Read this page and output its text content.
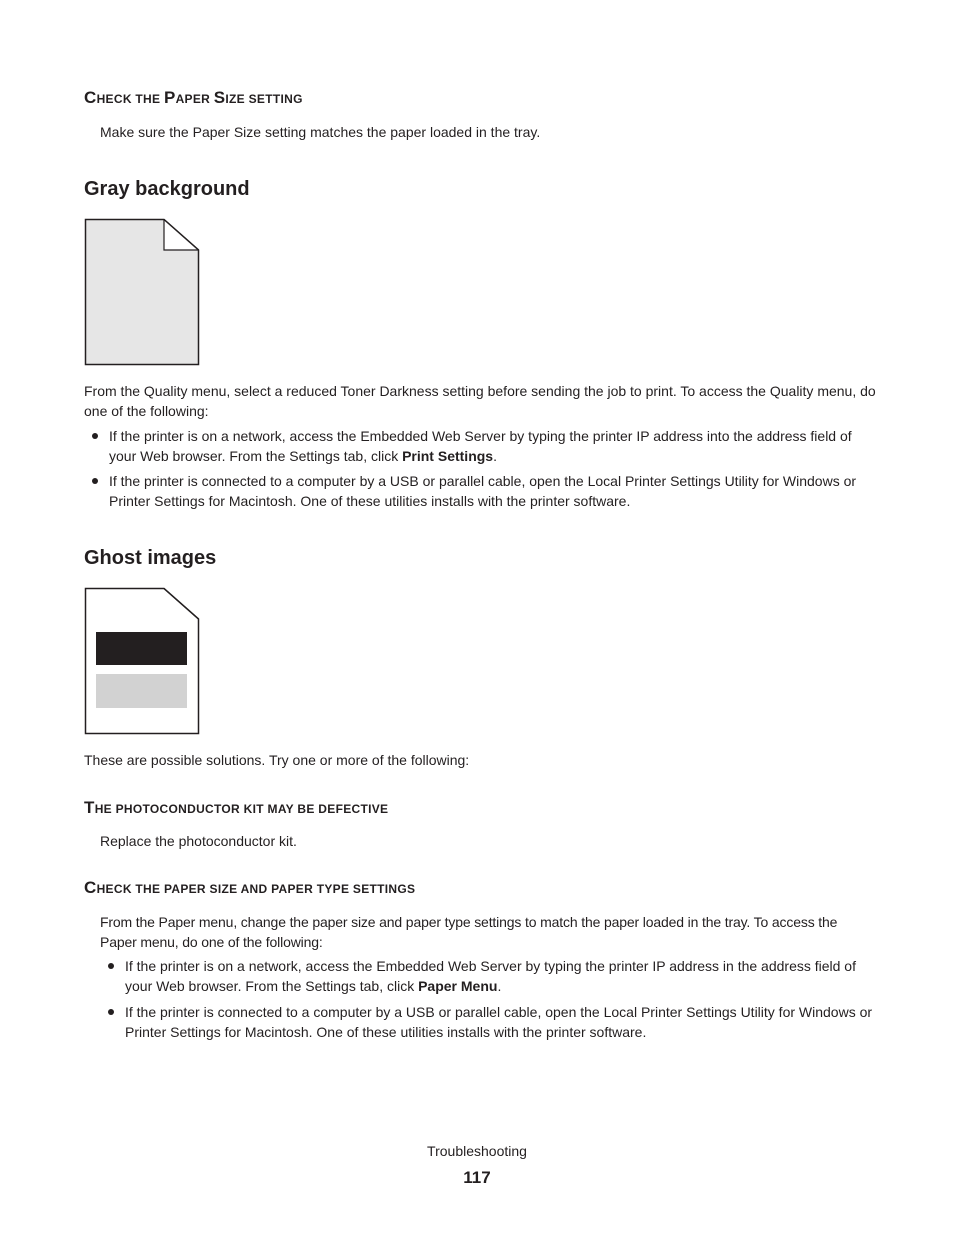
CHECK THE PAPER SIZE SETTING
Make sure the Paper Size setting matches the paper loaded in the tray.
Gray background
From the Quality menu, select a reduced Toner Darkness setting before sending the job to print. To access the Quality menu, do one of the following:
If the printer is on a network, access the Embedded Web Server by typing the printer IP address into the address field of your Web browser. From the Settings tab, click Print Settings.
If the printer is connected to a computer by a USB or parallel cable, open the Local Printer Settings Utility for Windows or Printer Settings for Macintosh. One of these utilities installs with the printer software.
Ghost images
These are possible solutions. Try one or more of the following:
THE PHOTOCONDUCTOR KIT MAY BE DEFECTIVE
Replace the photoconductor kit.
CHECK THE PAPER SIZE AND PAPER TYPE SETTINGS
From the Paper menu, change the paper size and paper type settings to match the paper loaded in the tray. To access the Paper menu, do one of the following:
If the printer is on a network, access the Embedded Web Server by typing the printer IP address in the address field of your Web browser. From the Settings tab, click Paper Menu.
If the printer is connected to a computer by a USB or parallel cable, open the Local Printer Settings Utility for Windows or Printer Settings for Macintosh. One of these utilities installs with the printer software.
Troubleshooting
117
